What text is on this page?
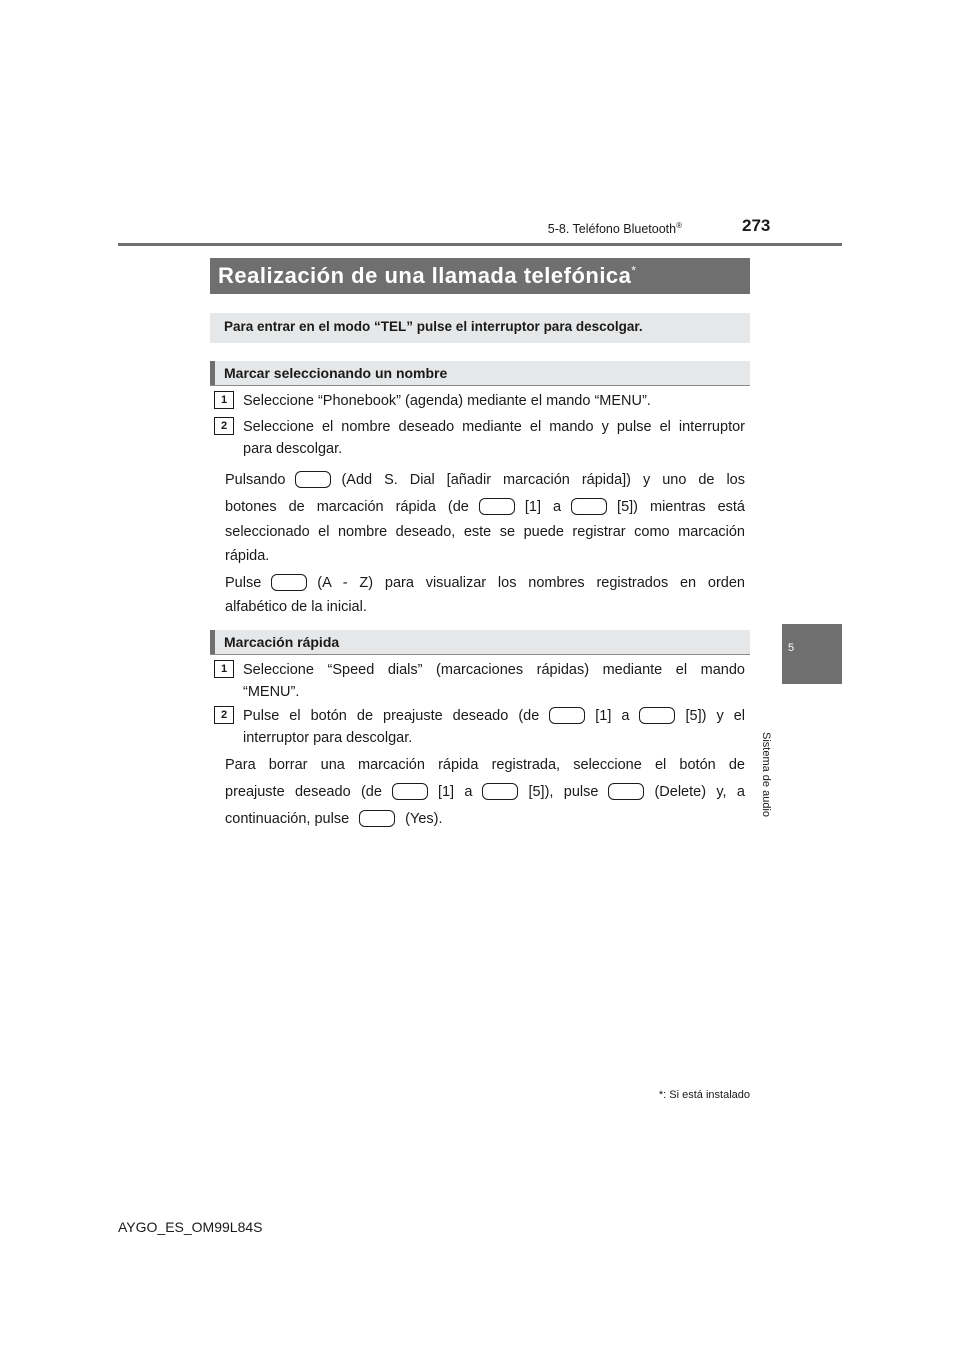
5-8. Teléfono Bluetooth®	273
5
Sistema de audio
Realización de una llamada telefónica*
Para entrar en el modo “TEL” pulse el interruptor para descolgar.
Marcar seleccionando un nombre
1	Seleccione “Phonebook” (agenda) mediante el mando “MENU”.
2	Seleccione el nombre deseado mediante el mando y pulse el interruptor
para descolgar.
Pulsando	(Add S. Dial [añadir marcación rápida]) y uno de los
botones de marcación rápida (de	[1] a	[5]) mientras está
seleccionado el nombre deseado, este se puede registrar como marcación
rápida.
Pulse	(A - Z) para visualizar los nombres registrados en orden
alfabético de la inicial.
Marcación rápida
1	Seleccione “Speed dials” (marcaciones rápidas) mediante el mando
“MENU”.
2	Pulse el botón de preajuste deseado (de	[1] a	[5]) y el
interruptor para descolgar.
Para borrar una marcación rápida registrada, seleccione el botón de
preajuste deseado (de	[1] a	[5]), pulse	(Delete) y, a
continuación, pulse	(Yes).
*: Si está instalado
AYGO_ES_OM99L84S
